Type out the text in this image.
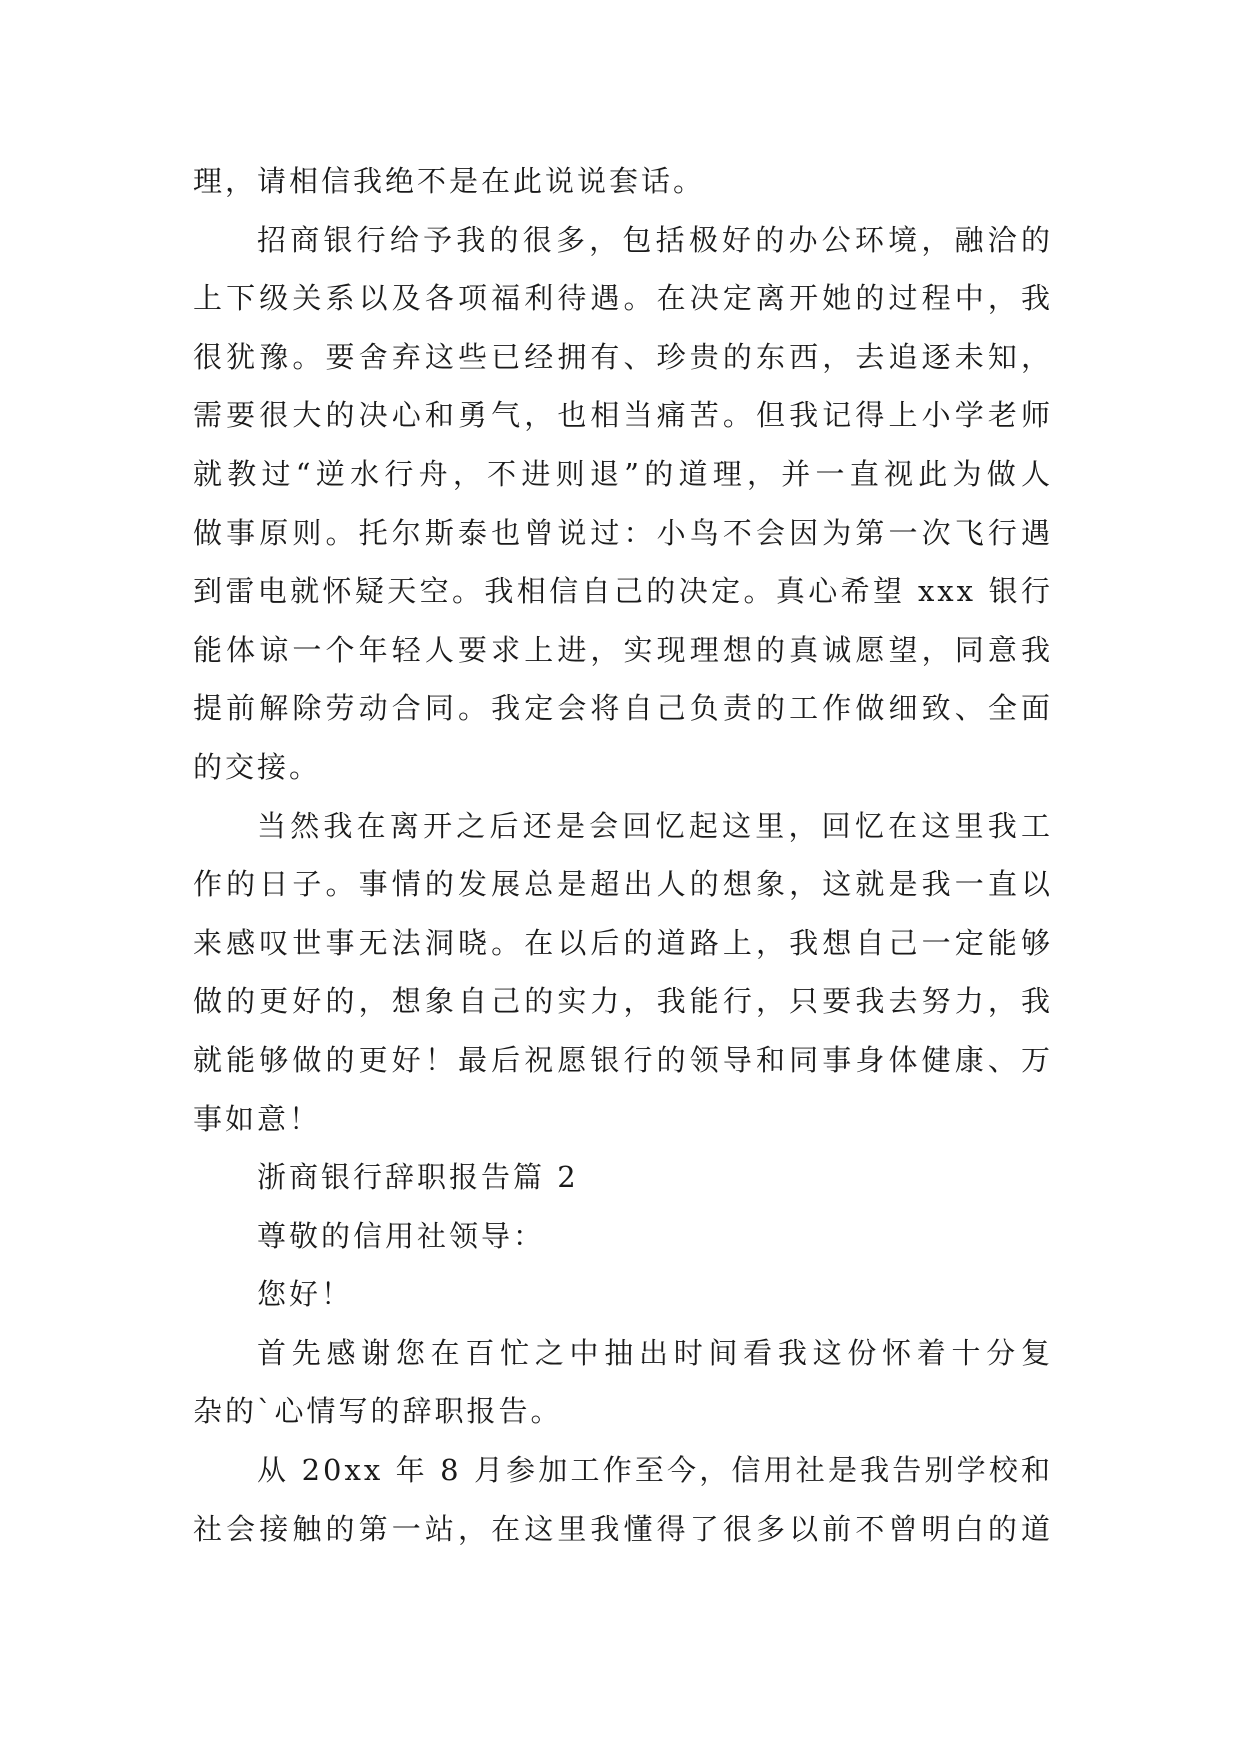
理，请相信我绝不是在此说说套话。
招商银行给予我的很多，包括极好的办公环境，融洽的
上下级关系以及各项福利待遇。在决定离开她的过程中，我
很犹豫。要舍弃这些已经拥有、珍贵的东西，去追逐未知，
需要很大的决心和勇气，也相当痛苦。但我记得上小学老师
就教过“逆水行舟，不进则退”的道理，并一直视此为做人
做事原则。托尔斯泰也曾说过：小鸟不会因为第一次飞行遇
到雷电就怀疑天空。我相信自己的决定。真心希望 xxx 银行
能体谅一个年轻人要求上进，实现理想的真诚愿望，同意我
提前解除劳动合同。我定会将自己负责的工作做细致、全面
的交接。
当然我在离开之后还是会回忆起这里，回忆在这里我工
作的日子。事情的发展总是超出人的想象，这就是我一直以
来感叹世事无法洞晓。在以后的道路上，我想自己一定能够
做的更好的，想象自己的实力，我能行，只要我去努力，我
就能够做的更好！最后祝愿银行的领导和同事身体健康、万
事如意！
浙商银行辞职报告篇 2
尊敬的信用社领导：
您好！
首先感谢您在百忙之中抽出时间看我这份怀着十分复
杂的`心情写的辞职报告。
从 20xx 年 8 月参加工作至今，信用社是我告别学校和
社会接触的第一站，在这里我懂得了很多以前不曾明白的道
